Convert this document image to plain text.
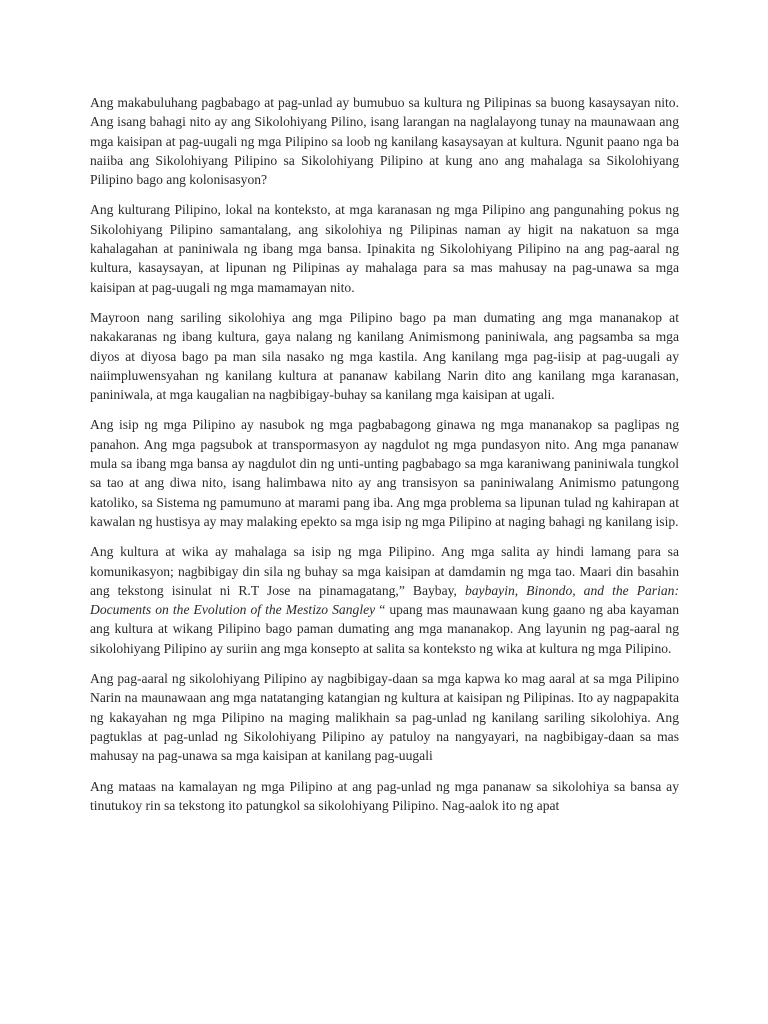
Ang makabuluhang pagbabago at pag-unlad ay bumubuo sa kultura ng Pilipinas sa buong kasaysayan nito. Ang isang bahagi nito ay ang Sikolohiyang Pilino, isang larangan na naglalayong tunay na maunawaan ang mga kaisipan at pag-uugali ng mga Pilipino sa loob ng kanilang kasaysayan at kultura. Ngunit paano nga ba naiiba ang Sikolohiyang Pilipino sa Sikolohiyang Pilipino at kung ano ang mahalaga sa Sikolohiyang Pilipino bago ang kolonisasyon?

Ang kulturang Pilipino, lokal na konteksto, at mga karanasan ng mga Pilipino ang pangunahing pokus ng Sikolohiyang Pilipino samantalang, ang sikolohiya ng Pilipinas naman ay higit na nakatuon sa mga kahalagahan at paniniwala ng ibang mga bansa. Ipinakita ng Sikolohiyang Pilipino na ang pag-aaral ng kultura, kasaysayan, at lipunan ng Pilipinas ay mahalaga para sa mas mahusay na pag-unawa sa mga kaisipan at pag-uugali ng mga mamamayan nito.

Mayroon nang sariling sikolohiya ang mga Pilipino bago pa man dumating ang mga mananakop at nakakaranas ng ibang kultura, gaya nalang ng kanilang Animismong paniniwala, ang pagsamba sa mga diyos at diyosa bago pa man sila nasako ng mga kastila. Ang kanilang mga pag-iisip at pag-uugali ay naiimpluwensyahan ng kanilang kultura at pananaw kabilang Narin dito ang kanilang mga karanasan, paniniwala, at mga kaugalian na nagbibigay-buhay sa kanilang mga kaisipan at ugali.

Ang isip ng mga Pilipino ay nasubok ng mga pagbabagong ginawa ng mga mananakop sa paglipas ng panahon. Ang mga pagsubok at transpormasyon ay nagdulot ng mga pundasyon nito. Ang mga pananaw mula sa ibang mga bansa ay nagdulot din ng unti-unting pagbabago sa mga karaniwang paniniwala tungkol sa tao at ang diwa nito, isang halimbawa nito ay ang transisyon sa paniniwalang Animismo patungong katoliko, sa Sistema ng pamumuno at marami pang iba. Ang mga problema sa lipunan tulad ng kahirapan at kawalan ng hustisya ay may malaking epekto sa mga isip ng mga Pilipino at naging bahagi ng kanilang isip.

Ang kultura at wika ay mahalaga sa isip ng mga Pilipino. Ang mga salita ay hindi lamang para sa komunikasyon; nagbibigay din sila ng buhay sa mga kaisipan at damdamin ng mga tao. Maari din basahin ang tekstong isinulat ni R.T Jose na pinamagatang,” Baybay, baybayin, Binondo, and the Parian: Documents on the Evolution of the Mestizo Sangley “ upang mas maunawaan kung gaano ng aba kayaman ang kultura at wikang Pilipino bago paman dumating ang mga mananakop. Ang layunin ng pag-aaral ng sikolohiyang Pilipino ay suriin ang mga konsepto at salita sa konteksto ng wika at kultura ng mga Pilipino.

Ang pag-aaral ng sikolohiyang Pilipino ay nagbibigay-daan sa mga kapwa ko mag aaral at sa mga Pilipino Narin na maunawaan ang mga natatanging katangian ng kultura at kaisipan ng Pilipinas. Ito ay nagpapakita ng kakayahan ng mga Pilipino na maging malikhain sa pag-unlad ng kanilang sariling sikolohiya. Ang pagtuklas at pag-unlad ng Sikolohiyang Pilipino ay patuloy na nangyayari, na nagbibigay-daan sa mas mahusay na pag-unawa sa mga kaisipan at kanilang pag-uugali

Ang mataas na kamalayan ng mga Pilipino at ang pag-unlad ng mga pananaw sa sikolohiya sa bansa ay tinutukoy rin sa tekstong ito patungkol sa sikolohiyang Pilipino. Nag-aalok ito ng apat
